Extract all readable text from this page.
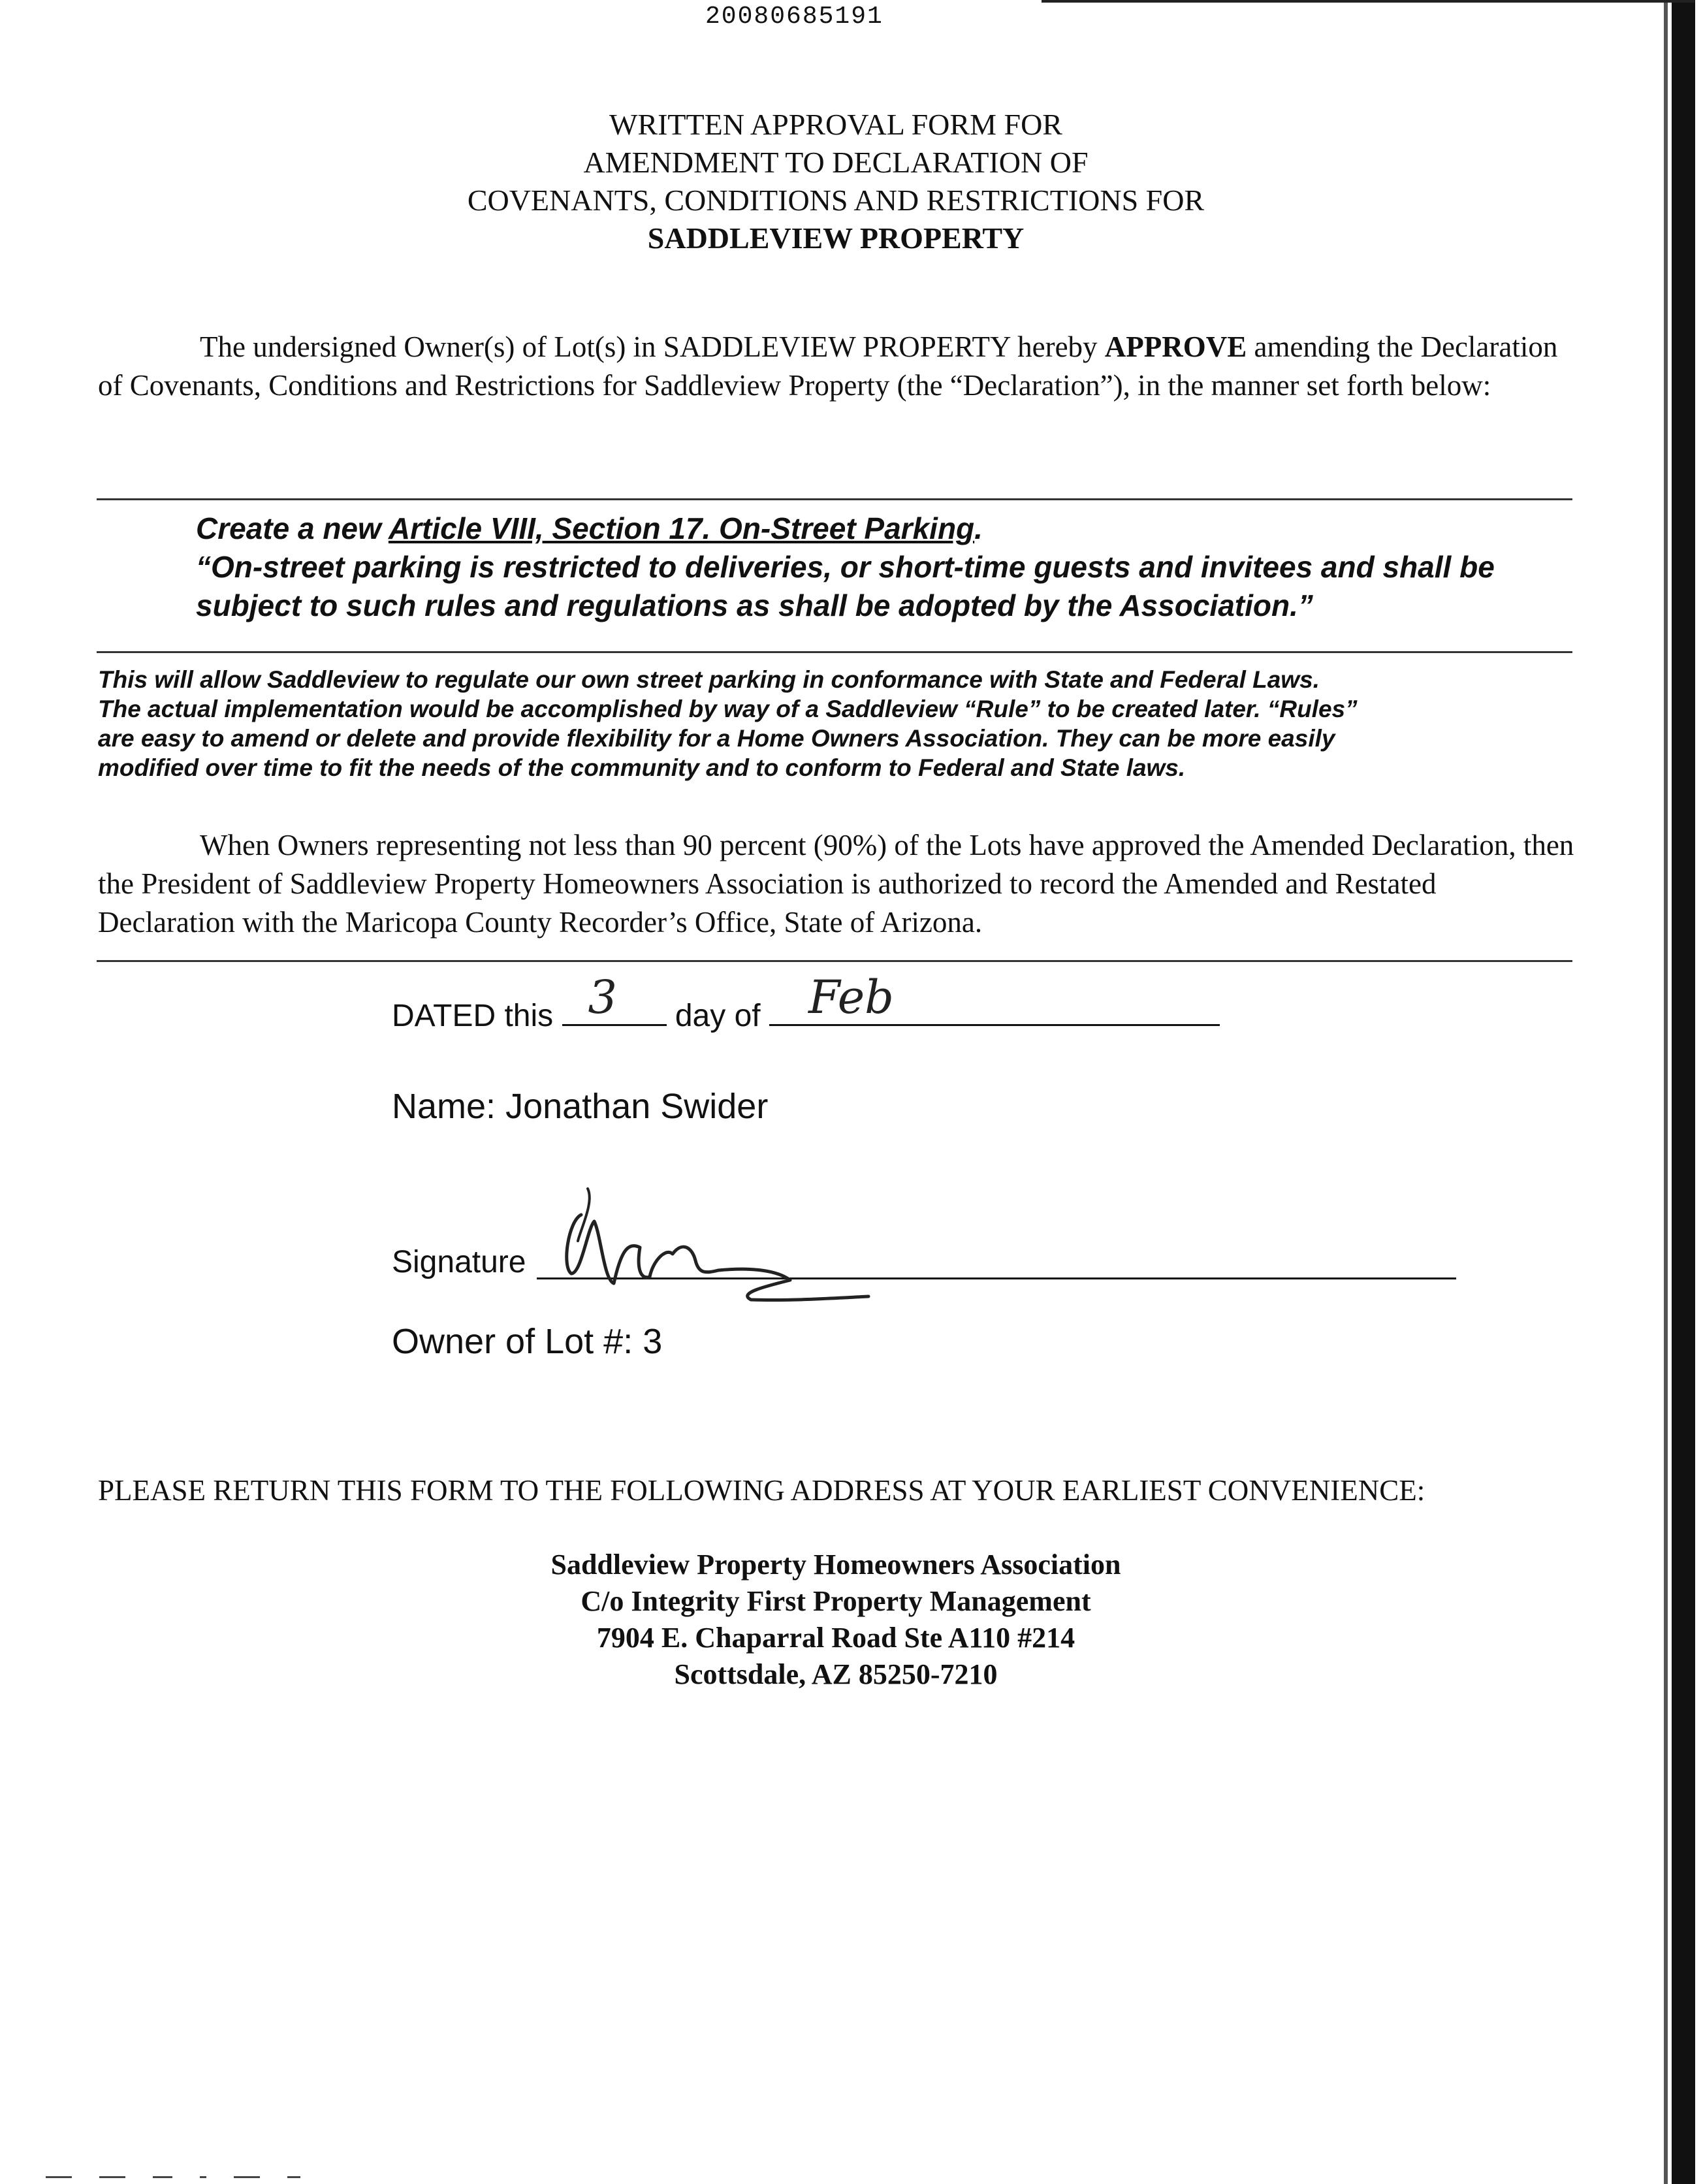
20080685191
WRITTEN APPROVAL FORM FOR
AMENDMENT TO DECLARATION OF
COVENANTS, CONDITIONS AND RESTRICTIONS FOR
SADDLEVIEW PROPERTY
The undersigned Owner(s) of Lot(s) in SADDLEVIEW PROPERTY hereby APPROVE amending the Declaration of Covenants, Conditions and Restrictions for Saddleview Property (the “Declaration”), in the manner set forth below:
Create a new Article VIII, Section 17. On-Street Parking.
“On-street parking is restricted to deliveries, or short-time guests and invitees and shall be subject to such rules and regulations as shall be adopted by the Association.”
This will allow Saddleview to regulate our own street parking in conformance with State and Federal Laws.
The actual implementation would be accomplished by way of a Saddleview “Rule” to be created later. “Rules”
are easy to amend or delete and provide flexibility for a Home Owners Association. They can be more easily
modified over time to fit the needs of the community and to conform to Federal and State laws.
When Owners representing not less than 90 percent (90%) of the Lots have approved the Amended Declaration, then the President of Saddleview Property Homeowners Association is authorized to record the Amended and Restated Declaration with the Maricopa County Recorder’s Office, State of Arizona.
DATED this 3 day of Feb
Name: Jonathan Swider
Signature
Owner of Lot #: 3
PLEASE RETURN THIS FORM TO THE FOLLOWING ADDRESS AT YOUR EARLIEST CONVENIENCE:
Saddleview Property Homeowners Association
C/o Integrity First Property Management
7904 E. Chaparral Road Ste A110 #214
Scottsdale, AZ 85250-7210
